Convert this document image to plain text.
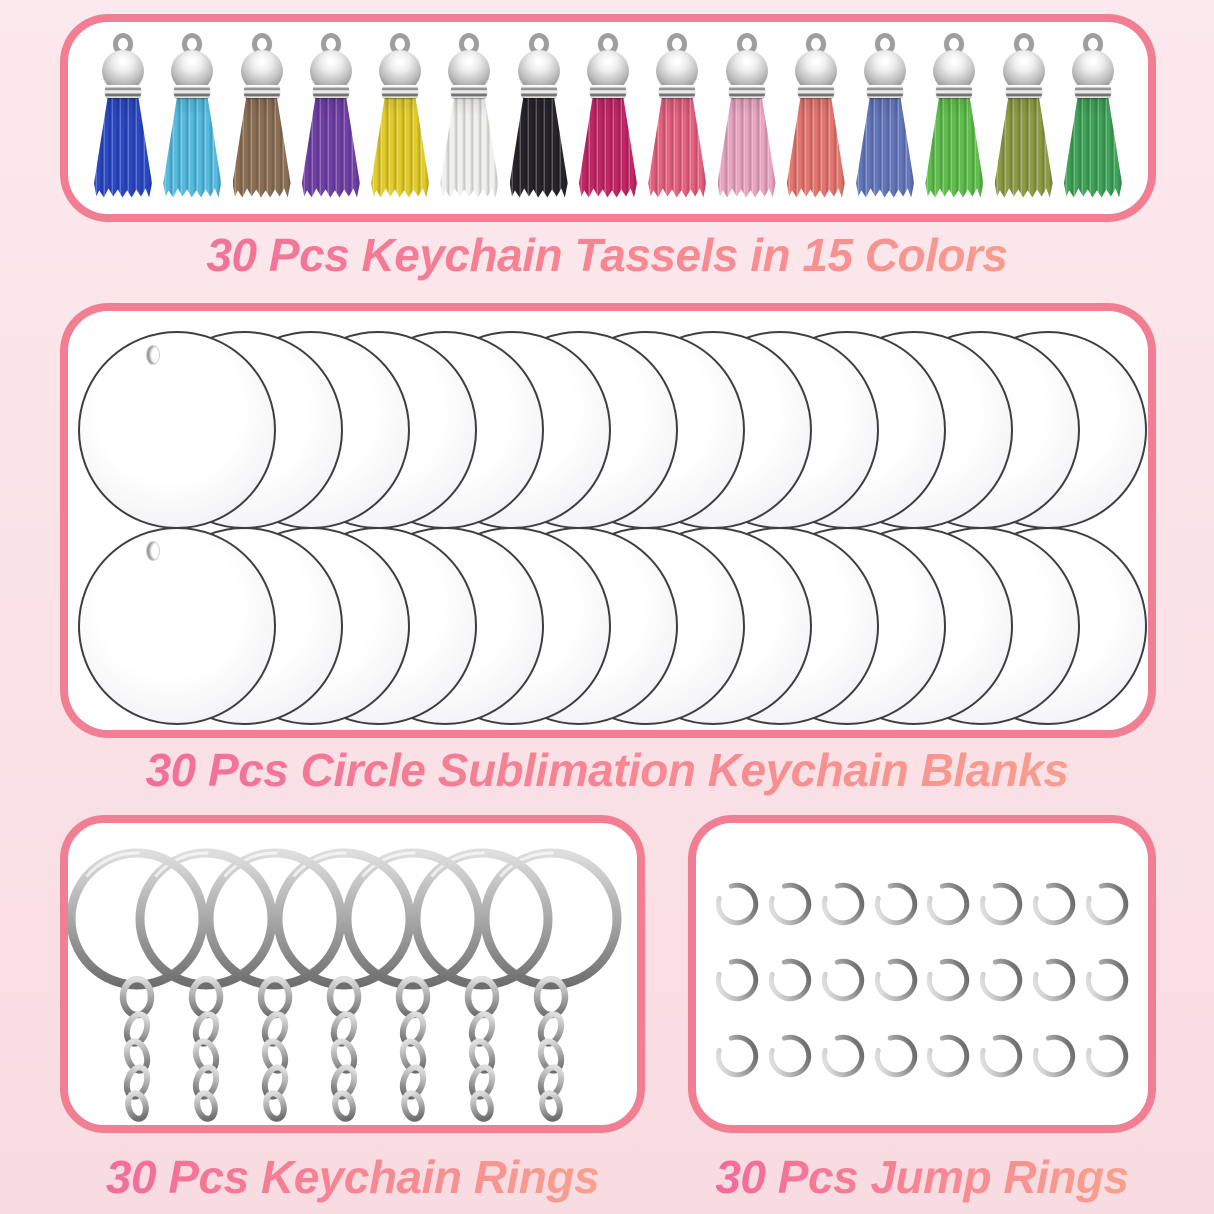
30 Pcs Keychain Tassels in 15 Colors
30 Pcs Circle Sublimation Keychain Blanks
30 Pcs Keychain Rings	30 Pcs Jump Rings
